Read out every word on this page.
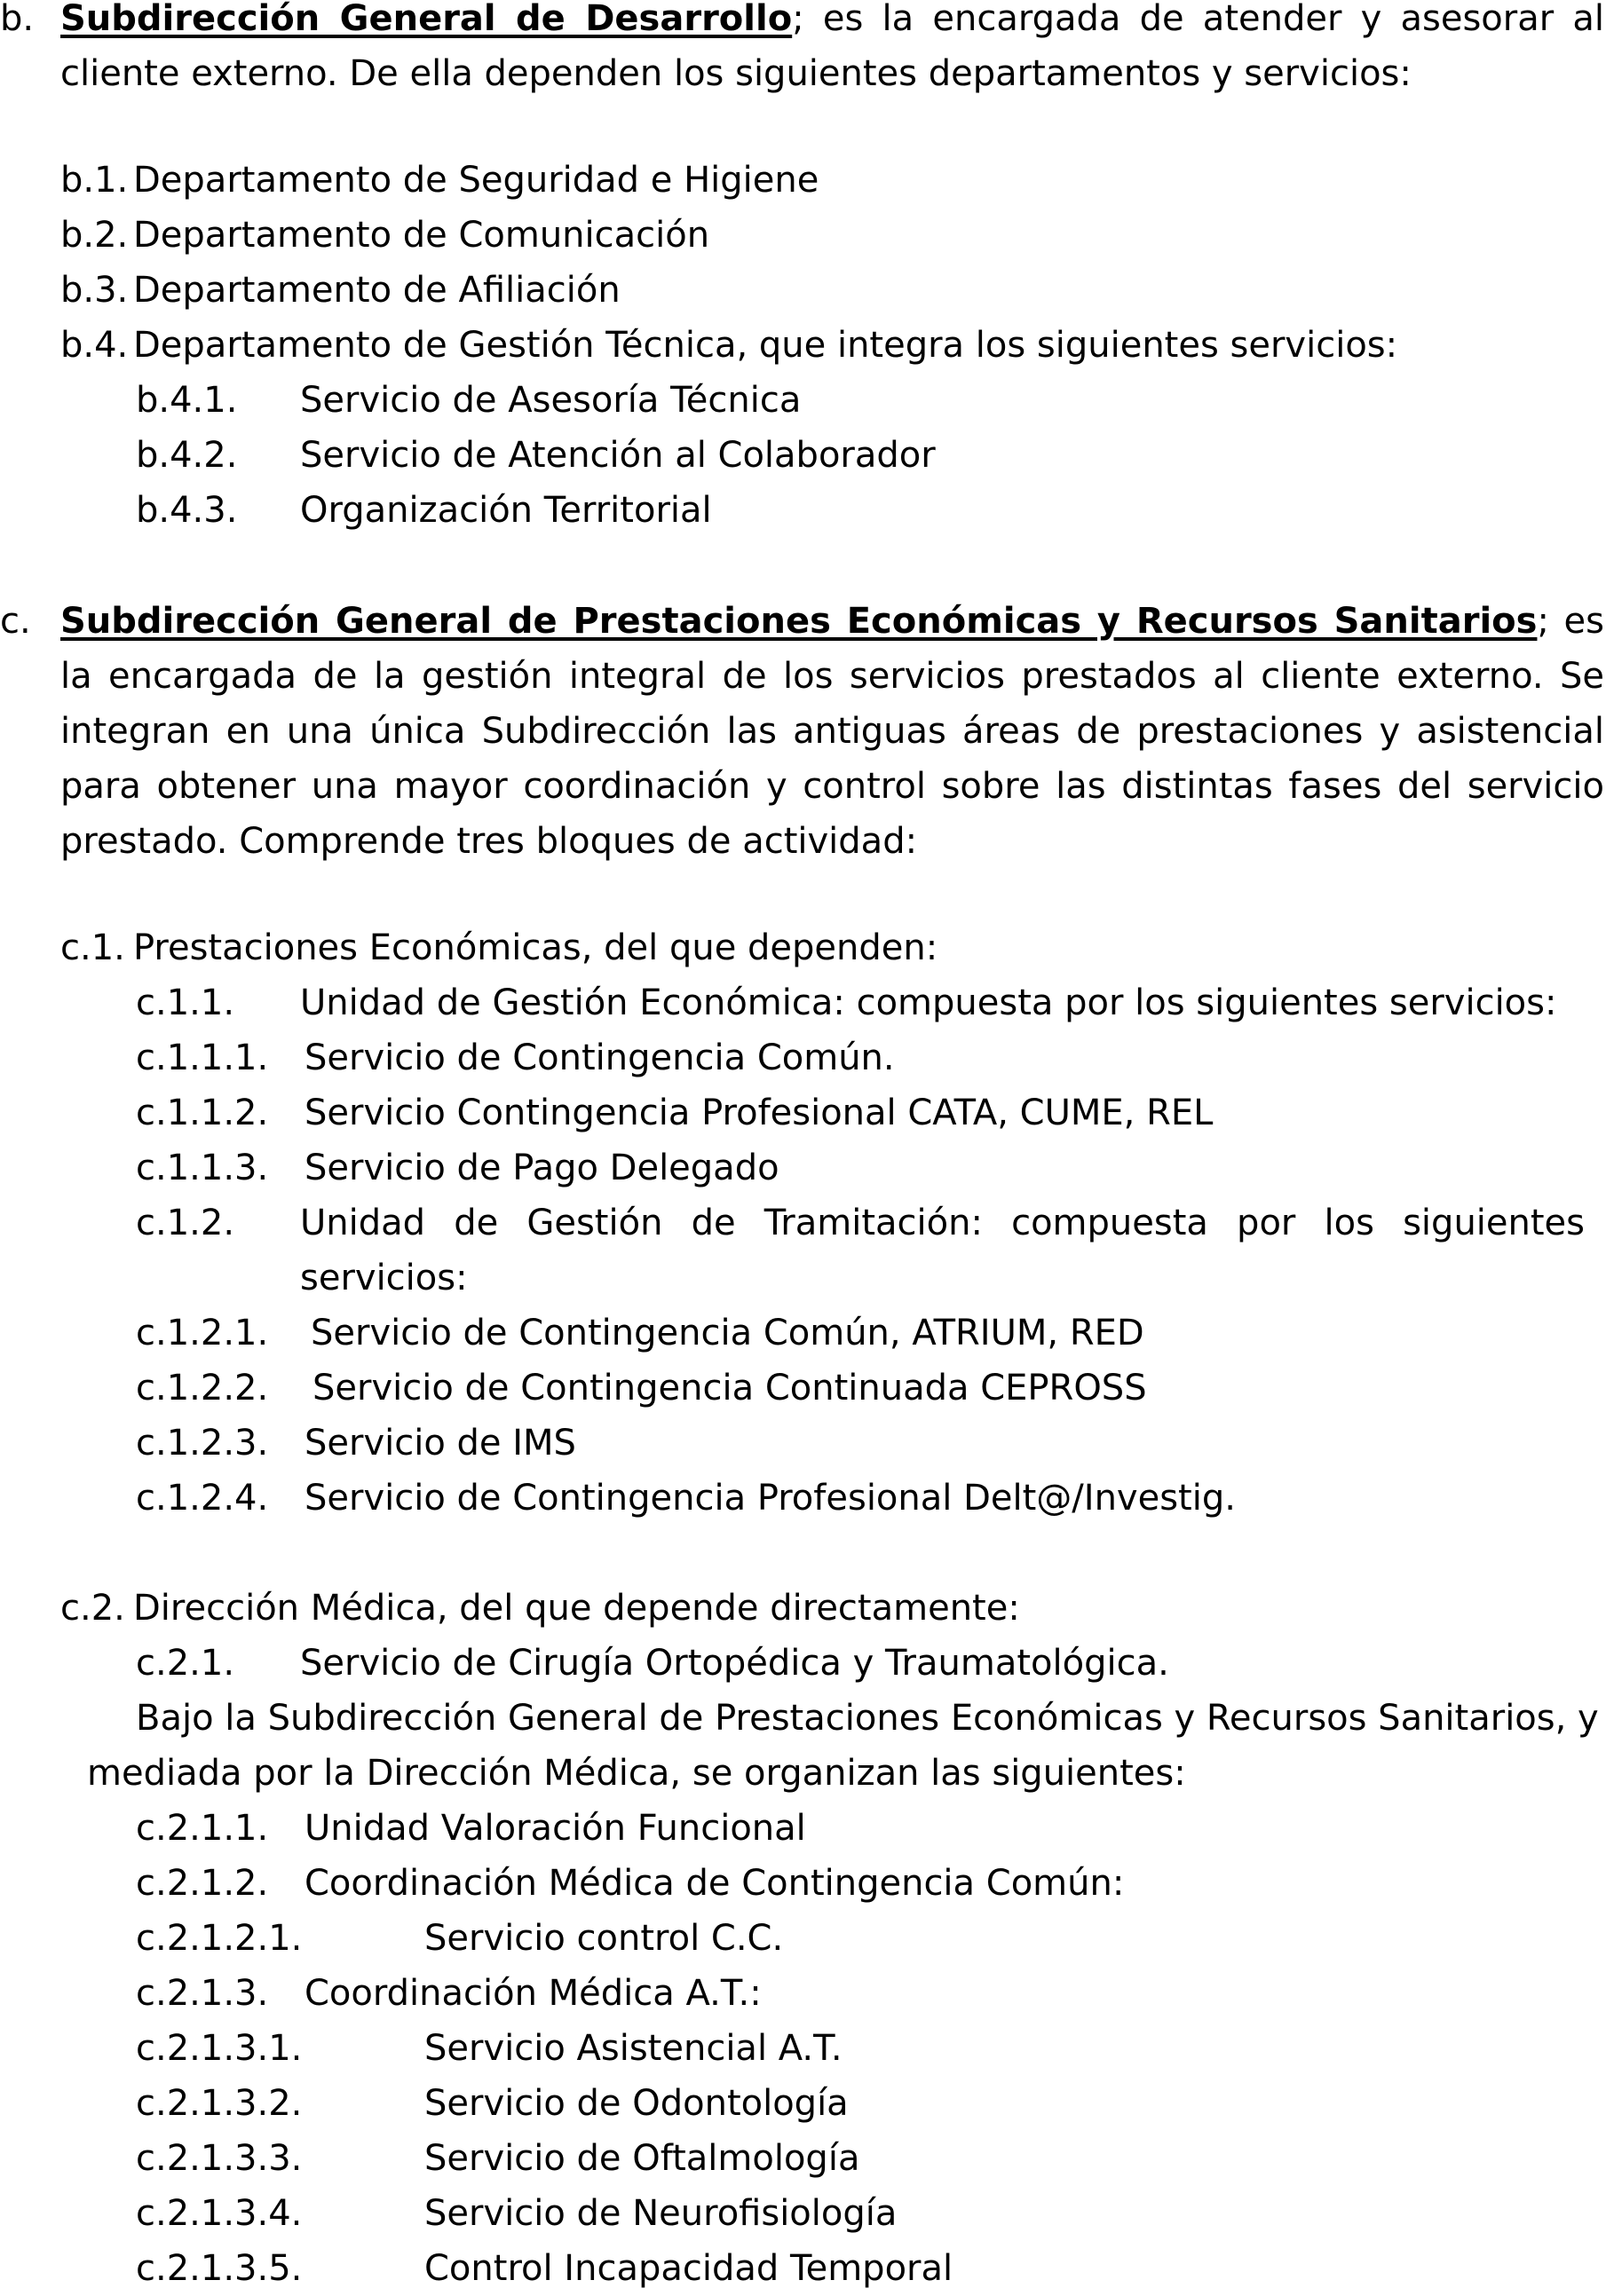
b. Subdirección General de Desarrollo; es la encargada de atender y asesorar al cliente externo. De ella dependen los siguientes departamentos y servicios:
b.1. Departamento de Seguridad e Higiene
b.2. Departamento de Comunicación
b.3. Departamento de Afiliación
b.4. Departamento de Gestión Técnica, que integra los siguientes servicios:
b.4.1. Servicio de Asesoría Técnica
b.4.2. Servicio de Atención al Colaborador
b.4.3. Organización Territorial
c. Subdirección General de Prestaciones Económicas y Recursos Sanitarios; es la encargada de la gestión integral de los servicios prestados al cliente externo. Se integran en una única Subdirección las antiguas áreas de prestaciones y asistencial para obtener una mayor coordinación y control sobre las distintas fases del servicio prestado. Comprende tres bloques de actividad:
c.1. Prestaciones Económicas, del que dependen:
c.1.1. Unidad de Gestión Económica: compuesta por los siguientes servicios:
c.1.1.1. Servicio de Contingencia Común.
c.1.1.2. Servicio Contingencia Profesional CATA, CUME, REL
c.1.1.3. Servicio de Pago Delegado
c.1.2. Unidad de Gestión de Tramitación: compuesta por los siguientes servicios:
c.1.2.1. Servicio de Contingencia Común, ATRIUM, RED
c.1.2.2. Servicio de Contingencia Continuada CEPROSS
c.1.2.3. Servicio de IMS
c.1.2.4. Servicio de Contingencia Profesional Delt@/Investig.
c.2. Dirección Médica, del que depende directamente:
c.2.1. Servicio de Cirugía Ortopédica y Traumatológica.
c.2.1.1. Unidad Valoración Funcional
c.2.1.2. Coordinación Médica de Contingencia Común:
c.2.1.2.1.	Servicio control C.C.
c.2.1.3. Coordinación Médica A.T.:
c.2.1.3.1.	Servicio Asistencial A.T.
c.2.1.3.2.	Servicio de Odontología
c.2.1.3.3.	Servicio de Oftalmología
c.2.1.3.4.	Servicio de Neurofisiología
c.2.1.3.5.	Control Incapacidad Temporal
Bajo la Subdirección General de Prestaciones Económicas y Recursos Sanitarios, y
mediada por la Dirección Médica, se organizan las siguientes:
